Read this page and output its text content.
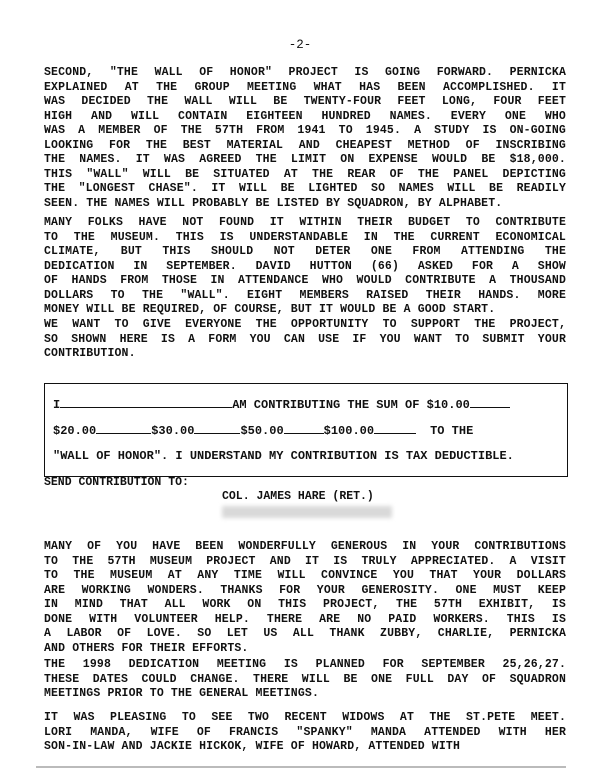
-2-
SECOND, "THE WALL OF HONOR" PROJECT IS GOING FORWARD. PERNICKA
EXPLAINED AT THE GROUP MEETING WHAT HAS BEEN ACCOMPLISHED. IT
WAS DECIDED THE WALL WILL BE TWENTY-FOUR FEET LONG, FOUR FEET
HIGH AND WILL CONTAIN EIGHTEEN HUNDRED NAMES. EVERY ONE WHO
WAS A MEMBER OF THE 57TH FROM 1941 TO 1945. A STUDY IS ON-GOING
LOOKING FOR THE BEST MATERIAL AND CHEAPEST METHOD OF INSCRIBING
THE NAMES. IT WAS AGREED THE LIMIT ON EXPENSE WOULD BE $18,000.
THIS "WALL" WILL BE SITUATED AT THE REAR OF THE PANEL DEPICTING
THE "LONGEST CHASE". IT WILL BE LIGHTED SO NAMES WILL BE READILY
SEEN. THE NAMES WILL PROBABLY BE LISTED BY SQUADRON, BY ALPHABET.
MANY FOLKS HAVE NOT FOUND IT WITHIN THEIR BUDGET TO CONTRIBUTE
TO THE MUSEUM. THIS IS UNDERSTANDABLE IN THE CURRENT ECONOMICAL
CLIMATE, BUT THIS SHOULD NOT DETER ONE FROM ATTENDING THE
DEDICATION IN SEPTEMBER. DAVID HUTTON (66) ASKED FOR A SHOW
OF HANDS FROM THOSE IN ATTENDANCE WHO WOULD CONTRIBUTE A THOUSAND
DOLLARS TO THE "WALL". EIGHT MEMBERS RAISED THEIR HANDS. MORE
MONEY WILL BE REQUIRED, OF COURSE, BUT IT WOULD BE A GOOD START.
WE WANT TO GIVE EVERYONE THE OPPORTUNITY TO SUPPORT THE PROJECT,
SO SHOWN HERE IS A FORM YOU CAN USE IF YOU WANT TO SUBMIT YOUR
CONTRIBUTION.
I	AM CONTRIBUTING THE SUM OF $10.00
$20.00	$30.00	$50.00	$100.00	TO THE
"WALL OF HONOR". I UNDERSTAND MY CONTRIBUTION IS TAX DEDUCTIBLE.
SEND CONTRIBUTION TO:
COL. JAMES HARE (RET.)
MANY OF YOU HAVE BEEN WONDERFULLY GENEROUS IN YOUR CONTRIBUTIONS
TO THE 57TH MUSEUM PROJECT AND IT IS TRULY APPRECIATED. A VISIT
TO THE MUSEUM AT ANY TIME WILL CONVINCE YOU THAT YOUR DOLLARS
ARE WORKING WONDERS. THANKS FOR YOUR GENEROSITY. ONE MUST KEEP
IN MIND THAT ALL WORK ON THIS PROJECT, THE 57TH EXHIBIT, IS
DONE WITH VOLUNTEER HELP. THERE ARE NO PAID WORKERS. THIS IS
A LABOR OF LOVE. SO LET US ALL THANK ZUBBY, CHARLIE, PERNICKA
AND OTHERS FOR THEIR EFFORTS.
THE 1998 DEDICATION MEETING IS PLANNED FOR SEPTEMBER 25,26,27.
THESE DATES COULD CHANGE. THERE WILL BE ONE FULL DAY OF SQUADRON
MEETINGS PRIOR TO THE GENERAL MEETINGS.
IT WAS PLEASING TO SEE TWO RECENT WIDOWS AT THE ST.PETE MEET.
LORI MANDA, WIFE OF FRANCIS "SPANKY" MANDA ATTENDED WITH HER
SON-IN-LAW AND JACKIE HICKOK, WIFE OF HOWARD, ATTENDED WITH
